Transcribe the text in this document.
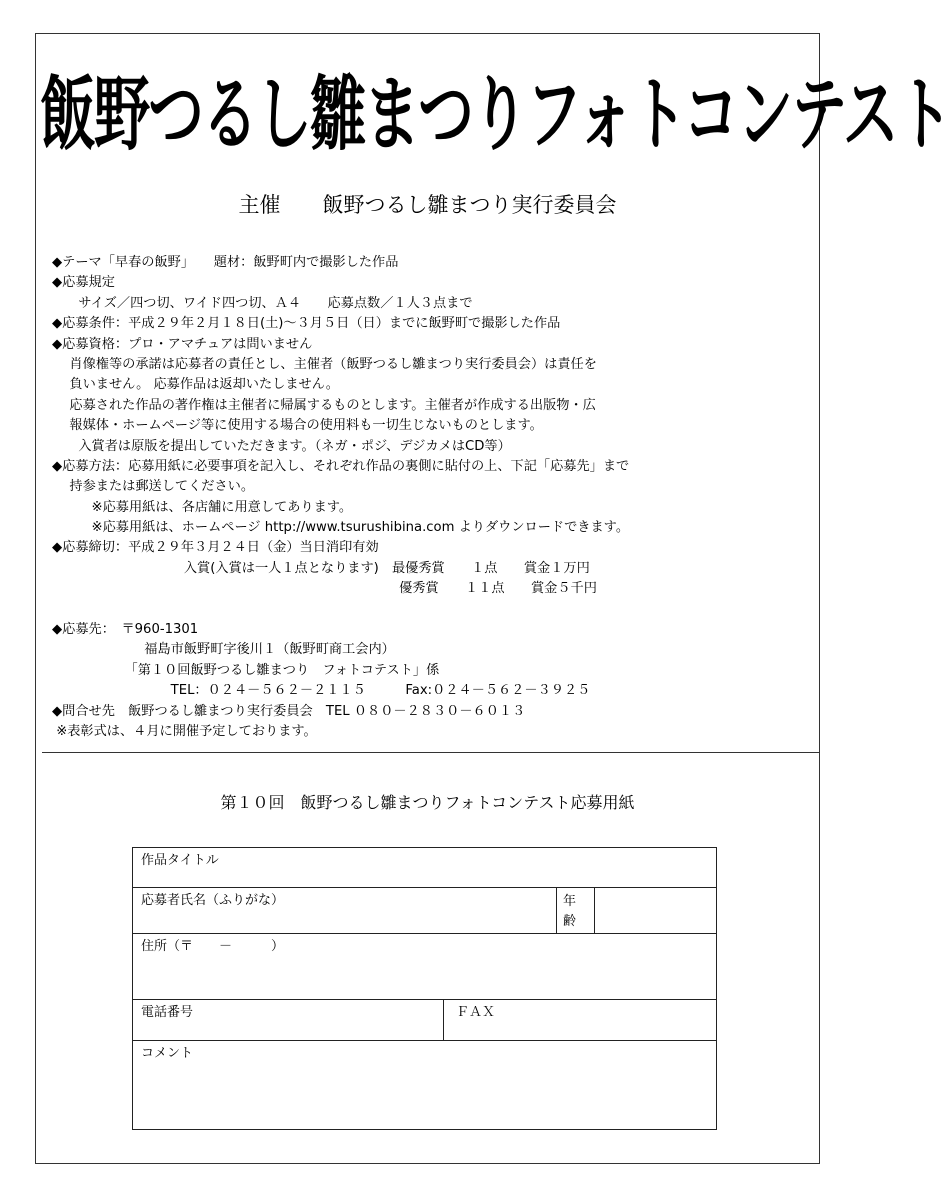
飯野つるし雛まつりフォトコンテスト
主催　　飯野つるし雛まつり実行委員会
◆テーマ「早春の飯野」　　題材：飯野町内で撮影した作品
◆応募規定
　　サイズ／四つ切、ワイド四つ切、Ａ４　　応募点数／１人３点まで
◆応募条件：平成２９年２月１８日(土)～３月５日（日）までに飯野町で撮影した作品
◆応募資格：プロ・アマチュアは問いません
　 肖像権等の承諾は応募者の責任とし、主催者（飯野つるし雛まつり実行委員会）は責任を
　 負いません。 応募作品は返却いたしません。
　 応募された作品の著作権は主催者に帰属するものとします。主催者が作成する出版物・広
　 報媒体・ホームページ等に使用する場合の使用料も一切生じないものとします。
　　入賞者は原版を提出していただきます。（ネガ・ポジ、デジカメはCD等）
◆応募方法：応募用紙に必要事項を記入し、それぞれ作品の裏側に貼付の上、下記「応募先」まで
　 持参または郵送してください。
　　　※応募用紙は、各店舗に用意してあります。
　　　※応募用紙は、ホームページ http://www.tsurushibina.com よりダウンロードできます。
◆応募締切：平成２９年３月２４日（金）当日消印有効
　　　　　　　　　　入賞(入賞は一人１点となります)　最優秀賞　　１点　　賞金１万円
　　　　　　　　　　　　　　　　　　　　　　　　　　 優秀賞　　１１点　　賞金５千円
◆応募先：　〒960-1301
　　　　　　　福島市飯野町字後川１（飯野町商工会内）
　　　　　　「第１０回飯野つるし雛まつり　フォトコテスト」係
　　　　　　　　　TEL：０２４－５６２－２１１５　　　Fax:０２４－５６２－３９２５
◆問合せ先　飯野つるし雛まつり実行委員会　TEL ０８０－２８３０－６０１３
※表彰式は、４月に開催予定しております。
第１０回　飯野つるし雛まつりフォトコンテスト応募用紙
作品タイトル
応募者氏名（ふりがな）	年齢
住所（〒　　－　　　）
電話番号	ＦＡＸ
コメント
